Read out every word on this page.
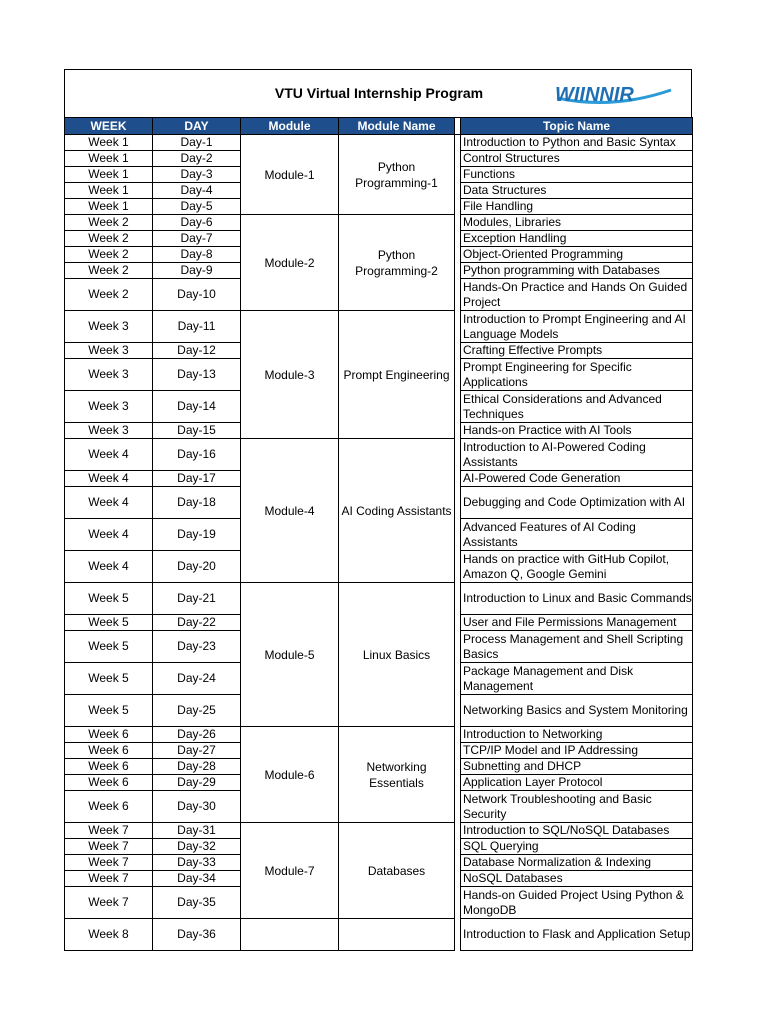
VTU Virtual Internship Program	WIINNIR
WEEK	DAY	Module	Module Name		Topic Name
Week 1	Day-1	Module-1	Python Programming-1		Introduction to Python and Basic Syntax
Week 1	Day-2				Control Structures
Week 1	Day-3				Functions
Week 1	Day-4				Data Structures
Week 1	Day-5				File Handling
Week 2	Day-6	Module-2	Python Programming-2		Modules, Libraries
Week 2	Day-7				Exception Handling
Week 2	Day-8				Object-Oriented Programming
Week 2	Day-9				Python programming with Databases
Week 2	Day-10				Hands-On Practice and Hands On Guided Project
Week 3	Day-11	Module-3	Prompt Engineering		Introduction to Prompt Engineering and AI Language Models
Week 3	Day-12				Crafting Effective Prompts
Week 3	Day-13				Prompt Engineering for Specific Applications
Week 3	Day-14				Ethical Considerations and Advanced Techniques
Week 3	Day-15				Hands-on Practice with AI Tools
Week 4	Day-16	Module-4	AI Coding Assistants		Introduction to AI-Powered Coding Assistants
Week 4	Day-17				AI-Powered Code Generation
Week 4	Day-18				Debugging and Code Optimization with AI
Week 4	Day-19				Advanced Features of AI Coding Assistants
Week 4	Day-20				Hands on practice with GitHub Copilot, Amazon Q, Google Gemini
Week 5	Day-21	Module-5	Linux Basics		Introduction to Linux and Basic Commands
Week 5	Day-22				User and File Permissions Management
Week 5	Day-23				Process Management and Shell Scripting Basics
Week 5	Day-24				Package Management and Disk Management
Week 5	Day-25				Networking Basics and System Monitoring
Week 6	Day-26	Module-6	Networking Essentials		Introduction to Networking
Week 6	Day-27				TCP/IP Model and IP Addressing
Week 6	Day-28				Subnetting and DHCP
Week 6	Day-29				Application Layer Protocol
Week 6	Day-30				Network Troubleshooting and Basic Security
Week 7	Day-31	Module-7	Databases		Introduction to SQL/NoSQL Databases
Week 7	Day-32				SQL Querying
Week 7	Day-33				Database Normalization & Indexing
Week 7	Day-34				NoSQL Databases
Week 7	Day-35				Hands-on Guided Project Using Python & MongoDB
Week 8	Day-36				Introduction to Flask and Application Setup
